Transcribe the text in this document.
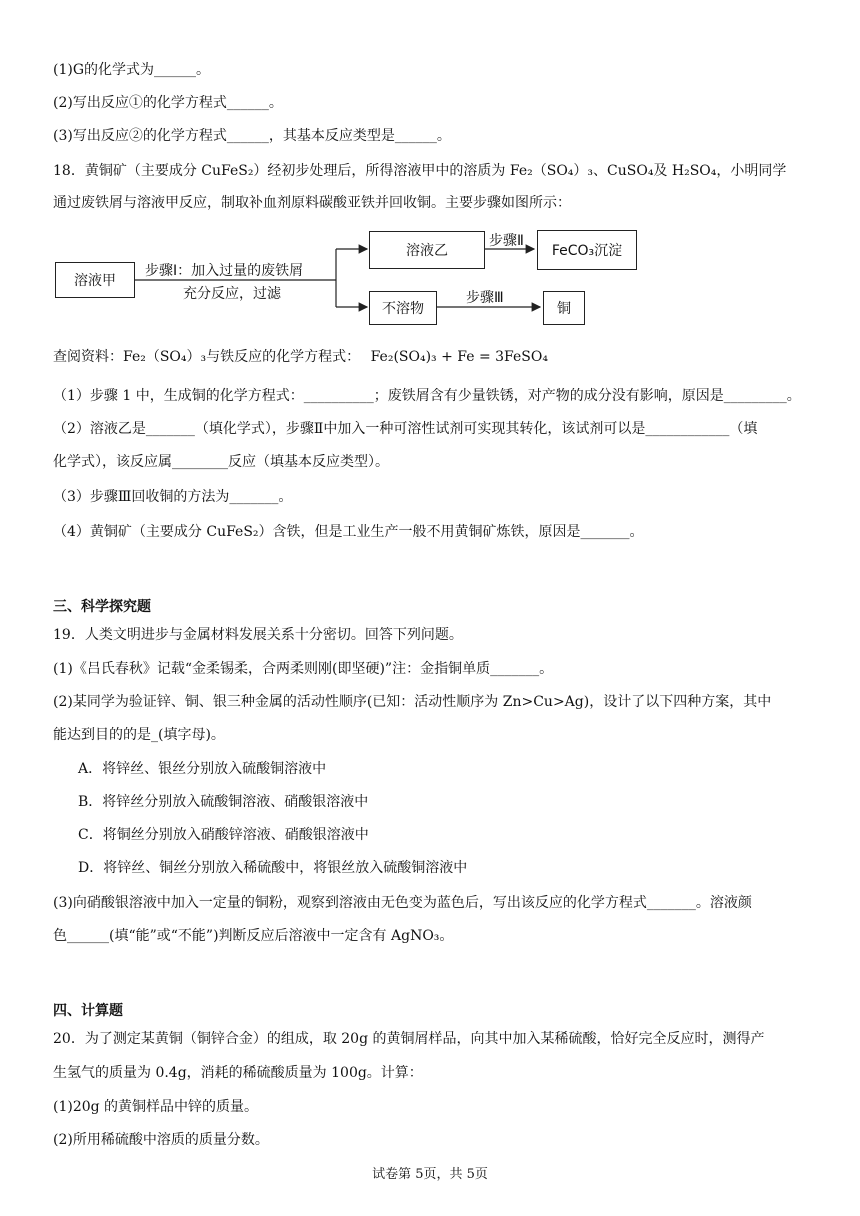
(1)G的化学式为______。
(2)写出反应①的化学方程式______。
(3)写出反应②的化学方程式______，其基本反应类型是______。
18．黄铜矿（主要成分 CuFeS₂）经初步处理后，所得溶液甲中的溶质为 Fe₂（SO₄）₃、CuSO₄及 H₂SO₄，小明同学
通过废铁屑与溶液甲反应，制取补血剂原料碳酸亚铁并回收铜。主要步骤如图所示：
溶液甲
步骤Ⅰ：加入过量的废铁屑
充分反应，过滤
溶液乙
步骤Ⅱ
FeCO₃沉淀
不溶物
步骤Ⅲ
铜
查阅资料：Fe₂（SO₄）₃与铁反应的化学方程式： Fe₂(SO₄)₃ + Fe = 3FeSO₄
（1）步骤 1 中，生成铜的化学方程式：__________；废铁屑含有少量铁锈，对产物的成分没有影响，原因是_________。
（2）溶液乙是_______（填化学式），步骤Ⅱ中加入一种可溶性试剂可实现其转化，该试剂可以是____________（填
化学式），该反应属________反应（填基本反应类型）。
（3）步骤Ⅲ回收铜的方法为_______。
（4）黄铜矿（主要成分 CuFeS₂）含铁，但是工业生产一般不用黄铜矿炼铁，原因是_______。
三、科学探究题
19．人类文明进步与金属材料发展关系十分密切。回答下列问题。
(1)《吕氏春秋》记载“金柔锡柔，合两柔则刚(即坚硬)”注：金指铜单质_______。
(2)某同学为验证锌、铜、银三种金属的活动性顺序(已知：活动性顺序为 Zn>Cu>Ag)，设计了以下四种方案，其中
能达到目的的是_(填字母)。
A．将锌丝、银丝分别放入硫酸铜溶液中
B．将锌丝分别放入硫酸铜溶液、硝酸银溶液中
C．将铜丝分别放入硝酸锌溶液、硝酸银溶液中
D．将锌丝、铜丝分别放入稀硫酸中，将银丝放入硫酸铜溶液中
(3)向硝酸银溶液中加入一定量的铜粉，观察到溶液由无色变为蓝色后，写出该反应的化学方程式_______。溶液颜
色______(填“能”或“不能”)判断反应后溶液中一定含有 AgNO₃。
四、计算题
20．为了测定某黄铜（铜锌合金）的组成，取 20g 的黄铜屑样品，向其中加入某稀硫酸，恰好完全反应时，测得产
生氢气的质量为 0.4g，消耗的稀硫酸质量为 100g。计算：
(1)20g 的黄铜样品中锌的质量。
(2)所用稀硫酸中溶质的质量分数。
试卷第 5页，共 5页
